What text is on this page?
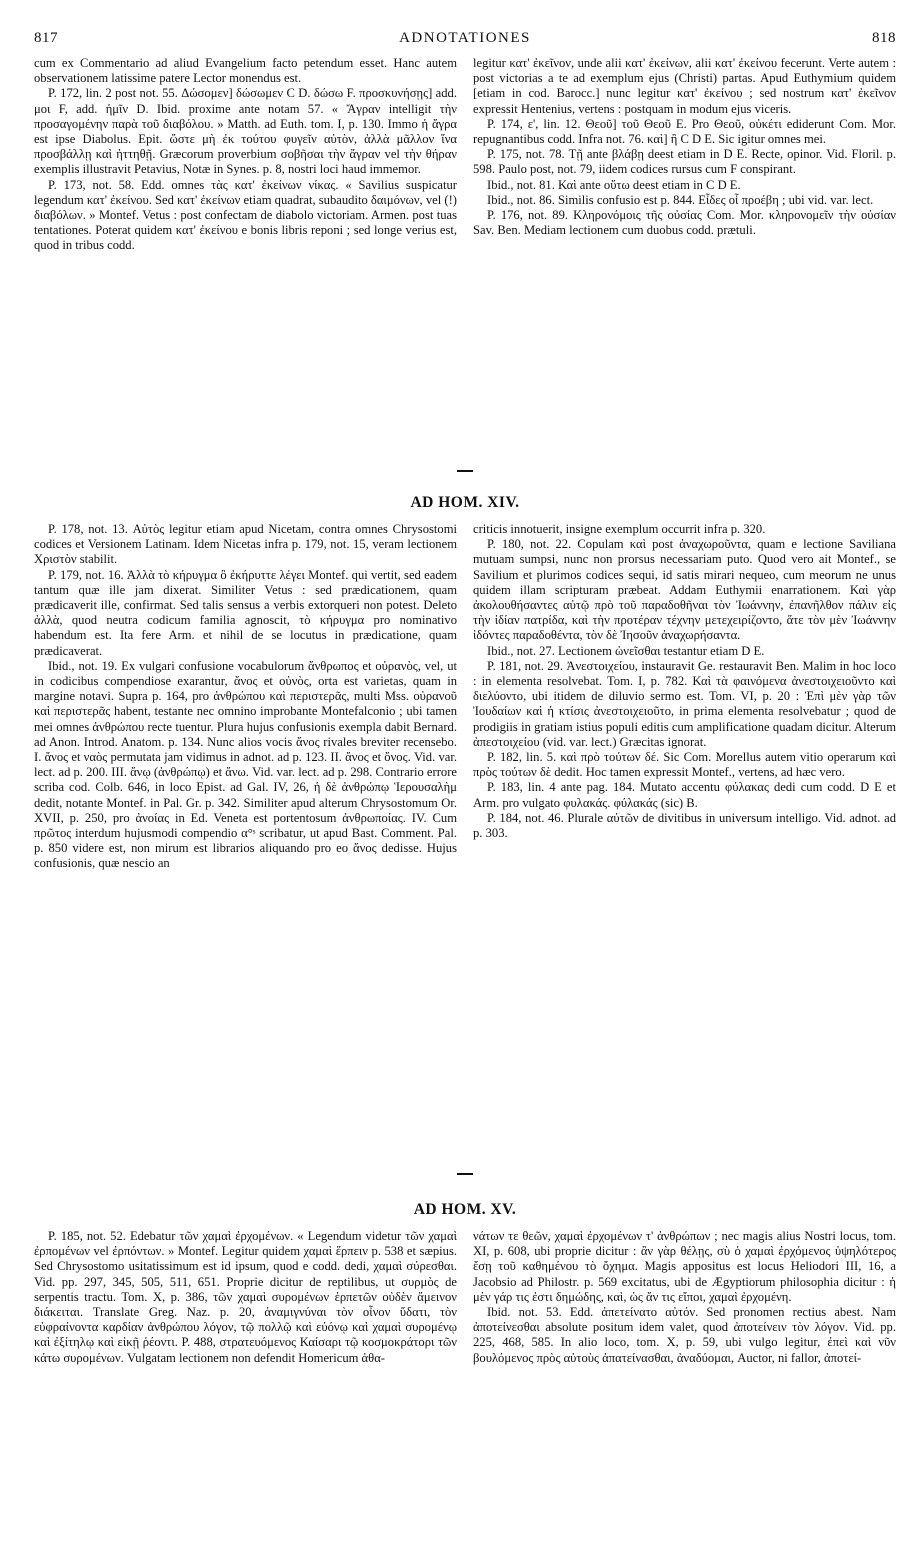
817	ADNOTATIONES	818

cum ex Commentario ad aliud Evangelium facto petendum esset. Hanc autem observationem latissime patere Lector monendus est.

P. 172, lin. 2 post not. 55. Δώσομεν] δώσωμεν C D. δώσω F. προσκυνήσῃς] add. μοι F, add. ἡμῖν D. Ibid. proxime ante notam 57. « Ἄγραν intelligit τὴν προσαγομένην παρὰ τοῦ διαβόλου. » Matth. ad Euth. tom. I, p. 130. Immo ἡ ἄγρα est ipse Diabolus. Epit. ὥστε μὴ ἐκ τούτου φυγεῖν αὐτὸν, ἀλλὰ μᾶλλον ἵνα προσβάλλῃ καὶ ἡττηθῇ. Græcorum proverbium σοβῆσαι τὴν ἄγραν vel τὴν θήραν exemplis illustravit Petavius, Notæ in Synes. p. 8, nostri loci haud immemor.

P. 173, not. 58. Edd. omnes τὰς κατ' ἐκείνων νίκας. « Savilius suspicatur legendum κατ' ἐκείνου. Sed κατ' ἐκείνων etiam quadrat, subaudito δαιμόνων, vel (!) διαβόλων. » Montef. Vetus : post confectam de diabolo victoriam. Armen. post tuas tentationes. Poterat quidem κατ' ἐκείνου e bonis libris reponi ; sed longe verius est, quod in tribus codd.

legitur κατ' ἐκεῖνον, unde alii κατ' ἐκείνων, alii κατ' ἐκείνου fecerunt. Verte autem : post victorias a te ad exemplum ejus (Christi) partas. Apud Euthymium quidem [etiam in cod. Barocc.] nunc legitur κατ' ἐκείνου ; sed nostrum κατ' ἐκεῖνον expressit Hentenius, vertens : postquam in modum ejus viceris.

P. 174, ε', lin. 12. Θεοῦ] τοῦ Θεοῦ E. Pro Θεοῦ, οὐκέτι ediderunt Com. Mor. repugnantibus codd. Infra not. 76. καὶ] ἢ C D E. Sic igitur omnes mei.

P. 175, not. 78. Τῇ ante βλάβῃ deest etiam in D E. Recte, opinor. Vid. Floril. p. 598. Paulo post, not. 79, iidem codices rursus cum F conspirant.

Ibid., not. 81. Καὶ ante οὕτω deest etiam in C D E.

Ibid., not. 86. Similis confusio est p. 844. Εἶδες οἷ προέβη ; ubi vid. var. lect.

P. 176, not. 89. Κληρονόμοις τῆς οὐσίας Com. Mor. κληρονομεῖν τὴν οὐσίαν Sav. Ben. Mediam lectionem cum duobus codd. prætuli.

AD HOM. XIV.

P. 178, not. 13. Αὐτὸς legitur etiam apud Nicetam, contra omnes Chrysostomi codices et Versionem Latinam. Idem Nicetas infra p. 179, not. 15, veram lectionem Χριστὸν stabilit.

P. 179, not. 16. Ἀλλὰ τὸ κήρυγμα ὃ ἐκήρυττε λέγει Montef. qui vertit, sed eadem tantum quæ ille jam dixerat. Similiter Vetus : sed prædicationem, quam prædicaverit ille, confirmat. Sed talis sensus a verbis extorqueri non potest. Deleto ἀλλὰ, quod neutra codicum familia agnoscit, τὸ κήρυγμα pro nominativo habendum est. Ita fere Arm. et nihil de se locutus in prædicatione, quam prædicaverat.

Ibid., not. 19. Ex vulgari confusione vocabulorum ἄνθρωπος et οὐρανὸς, vel, ut in codicibus compendiose exarantur, ἄνος et οὐνὸς, orta est varietas, quam in margine notavi. Supra p. 164, pro ἀνθρώπου καὶ περιστερᾶς, multi Mss. οὐρανοῦ καὶ περιστερᾶς habent, testante nec omnino improbante Montefalconio ; ubi tamen mei omnes ἀνθρώπου recte tuentur. Plura hujus confusionis exempla dabit Bernard. ad Anon. Introd. Anatom. p. 134. Nunc alios vocis ἄνος rivales breviter recensebo. I. ἄνος et ναὸς permutata jam vidimus in adnot. ad p. 123. II. ἄνος et ὄνος. Vid. var. lect. ad p. 200. III. ἄνῳ (ἀνθρώπῳ) et ἄνω. Vid. var. lect. ad p. 298. Contrario errore scriba cod. Colb. 646, in loco Epist. ad Gal. IV, 26, ἡ δὲ ἀνθρώπῳ Ἱερουσαλὴμ dedit, notante Montef. in Pal. Gr. p. 342. Similiter apud alterum Chrysostomum Or. XVII, p. 250, pro ἀνοίας in Ed. Veneta est portentosum ἀνθρωποίας. IV. Cum πρῶτος interdum hujusmodi compendio α°ˢ scribatur, ut apud Bast. Comment. Pal. p. 850 videre est, non mirum est librarios aliquando pro eo ἄνος dedisse. Hujus confusionis, quæ nescio an

criticis innotuerit, insigne exemplum occurrit infra p. 320.

P. 180, not. 22. Copulam καὶ post ἀναχωροῦντα, quam e lectione Saviliana mutuam sumpsi, nunc non prorsus necessariam puto. Quod vero ait Montef., se Savilium et plurimos codices sequi, id satis mirari nequeo, cum meorum ne unus quidem illam scripturam præbeat. Addam Euthymii enarrationem. Καὶ γὰρ ἀκολουθήσαντες αὐτῷ πρὸ τοῦ παραδοθῆναι τὸν Ἰωάννην, ἐπανῆλθον πάλιν εἰς τὴν ἰδίαν πατρίδα, καὶ τὴν προτέραν τέχνην μετεχειρίζοντο, ἅτε τὸν μὲν Ἰωάννην ἰδόντες παραδοθέντα, τὸν δὲ Ἰησοῦν ἀναχωρήσαντα.

Ibid., not. 27. Lectionem ὠνεῖσθαι testantur etiam D E.

P. 181, not. 29. Ἀνεστοιχείου, instauravit Ge. restauravit Ben. Malim in hoc loco : in elementa resolvebat. Tom. I, p. 782. Καὶ τὰ φαινόμενα ἀνεστοιχειοῦντο καὶ διελύοντο, ubi itidem de diluvio sermo est. Tom. VI, p. 20 : Ἐπὶ μὲν γὰρ τῶν Ἰουδαίων καὶ ἡ κτίσις ἀνεστοιχειοῦτο, in prima elementa resolvebatur ; quod de prodigiis in gratiam istius populi editis cum amplificatione quadam dicitur. Alterum ἀπεστοιχείου (vid. var. lect.) Græcitas ignorat.

P. 182, lin. 5. καὶ πρὸ τούτων δέ. Sic Com. Morellus autem vitio operarum καὶ πρὸς τούτων δὲ dedit. Hoc tamen expressit Montef., vertens, ad hæc vero.

P. 183, lin. 4 ante pag. 184. Mutato accentu φύλακας dedi cum codd. D E et Arm. pro vulgato φυλακάς. φύλακάς (sic) B.

P. 184, not. 46. Plurale αὐτῶν de divitibus in universum intelligo. Vid. adnot. ad p. 303.

AD HOM. XV.

P. 185, not. 52. Edebatur τῶν χαμαὶ ἐρχομένων. « Legendum videtur τῶν χαμαὶ ἐρπομένων vel ἐρπόντων. » Montef. Legitur quidem χαμαὶ ἕρπειν p. 538 et sæpius. Sed Chrysostomo usitatissimum est id ipsum, quod e codd. dedi, χαμαὶ σύρεσθαι. Vid. pp. 297, 345, 505, 511, 651. Proprie dicitur de reptilibus, ut συρμὸς de serpentis tractu. Tom. X, p. 386, τῶν χαμαὶ συρομένων ἑρπετῶν οὐδὲν ἄμεινον διάκειται. Translate Greg. Naz. p. 20, ἀναμιγνύναι τὸν οἶνον ὕδατι, τὸν εὐφραίνοντα καρδίαν ἀνθρώπου λόγον, τῷ πολλῷ καὶ εὐόνῳ καὶ χαμαὶ συρομένῳ καὶ ἐξίτηλῳ καὶ εἰκῇ ῥέοντι. P. 488, στρατευόμενος Καίσαρι τῷ κοσμοκράτορι τῶν κάτω συρομένων. Vulgatam lectionem non defendit Homericum ἀθα-

νάτων τε θεῶν, χαμαὶ ἐρχομένων τ' ἀνθρώπων ; nec magis alius Nostri locus, tom. XI, p. 608, ubi proprie dicitur : ἂν γὰρ θέλῃς, σὺ ὁ χαμαὶ ἐρχόμενος ὑψηλότερος ἔσῃ τοῦ καθημένου τὸ ὄχημα. Magis appositus est locus Heliodori III, 16, a Jacobsio ad Philostr. p. 569 excitatus, ubi de Ægyptiorum philosophia dicitur : ἡ μὲν γάρ τις ἐστι δημώδης, καὶ, ὡς ἄν τις εἴποι, χαμαὶ ἐρχομένη.

Ibid. not. 53. Edd. ἀπετείνατο αὐτόν. Sed pronomen rectius abest. Nam ἀποτείνεσθαι absolute positum idem valet, quod ἀποτείνειν τὸν λόγον. Vid. pp. 225, 468, 585. In alio loco, tom. X, p. 59, ubi vulgo legitur, ἐπεὶ καὶ νῦν βουλόμενος πρὸς αὐτοὺς ἀπατείνασθαι, ἀναδύομαι, Auctor, ni fallor, ἀποτεί-
